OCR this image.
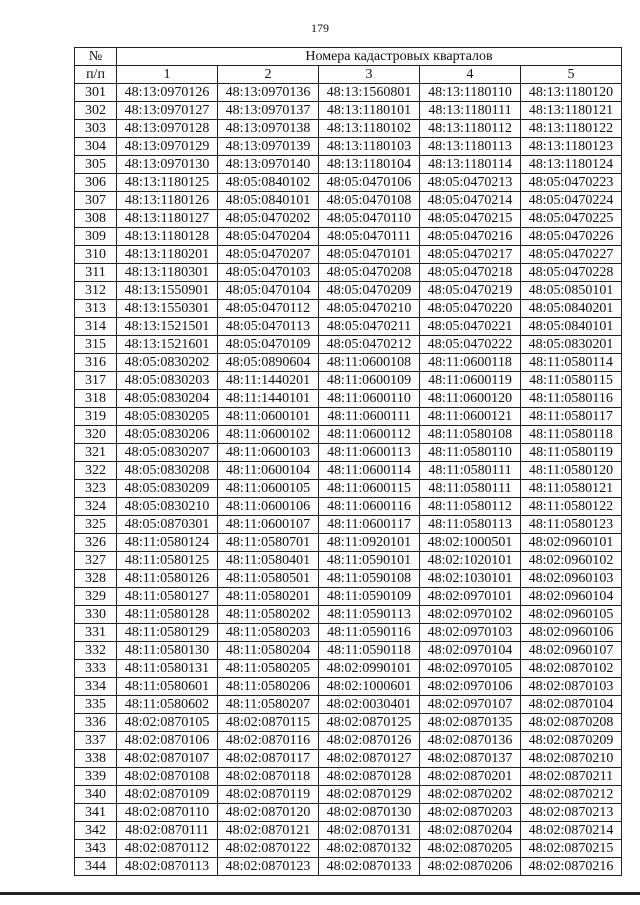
179
№	Номера кадастровых кварталов				
п/п	1	2	3	4	5
301	48:13:0970126	48:13:0970136	48:13:1560801	48:13:1180110	48:13:1180120
302	48:13:0970127	48:13:0970137	48:13:1180101	48:13:1180111	48:13:1180121
303	48:13:0970128	48:13:0970138	48:13:1180102	48:13:1180112	48:13:1180122
304	48:13:0970129	48:13:0970139	48:13:1180103	48:13:1180113	48:13:1180123
305	48:13:0970130	48:13:0970140	48:13:1180104	48:13:1180114	48:13:1180124
306	48:13:1180125	48:05:0840102	48:05:0470106	48:05:0470213	48:05:0470223
307	48:13:1180126	48:05:0840101	48:05:0470108	48:05:0470214	48:05:0470224
308	48:13:1180127	48:05:0470202	48:05:0470110	48:05:0470215	48:05:0470225
309	48:13:1180128	48:05:0470204	48:05:0470111	48:05:0470216	48:05:0470226
310	48:13:1180201	48:05:0470207	48:05:0470101	48:05:0470217	48:05:0470227
311	48:13:1180301	48:05:0470103	48:05:0470208	48:05:0470218	48:05:0470228
312	48:13:1550901	48:05:0470104	48:05:0470209	48:05:0470219	48:05:0850101
313	48:13:1550301	48:05:0470112	48:05:0470210	48:05:0470220	48:05:0840201
314	48:13:1521501	48:05:0470113	48:05:0470211	48:05:0470221	48:05:0840101
315	48:13:1521601	48:05:0470109	48:05:0470212	48:05:0470222	48:05:0830201
316	48:05:0830202	48:05:0890604	48:11:0600108	48:11:0600118	48:11:0580114
317	48:05:0830203	48:11:1440201	48:11:0600109	48:11:0600119	48:11:0580115
318	48:05:0830204	48:11:1440101	48:11:0600110	48:11:0600120	48:11:0580116
319	48:05:0830205	48:11:0600101	48:11:0600111	48:11:0600121	48:11:0580117
320	48:05:0830206	48:11:0600102	48:11:0600112	48:11:0580108	48:11:0580118
321	48:05:0830207	48:11:0600103	48:11:0600113	48:11:0580110	48:11:0580119
322	48:05:0830208	48:11:0600104	48:11:0600114	48:11:0580111	48:11:0580120
323	48:05:0830209	48:11:0600105	48:11:0600115	48:11:0580111	48:11:0580121
324	48:05:0830210	48:11:0600106	48:11:0600116	48:11:0580112	48:11:0580122
325	48:05:0870301	48:11:0600107	48:11:0600117	48:11:0580113	48:11:0580123
326	48:11:0580124	48:11:0580701	48:11:0920101	48:02:1000501	48:02:0960101
327	48:11:0580125	48:11:0580401	48:11:0590101	48:02:1020101	48:02:0960102
328	48:11:0580126	48:11:0580501	48:11:0590108	48:02:1030101	48:02:0960103
329	48:11:0580127	48:11:0580201	48:11:0590109	48:02:0970101	48:02:0960104
330	48:11:0580128	48:11:0580202	48:11:0590113	48:02:0970102	48:02:0960105
331	48:11:0580129	48:11:0580203	48:11:0590116	48:02:0970103	48:02:0960106
332	48:11:0580130	48:11:0580204	48:11:0590118	48:02:0970104	48:02:0960107
333	48:11:0580131	48:11:0580205	48:02:0990101	48:02:0970105	48:02:0870102
334	48:11:0580601	48:11:0580206	48:02:1000601	48:02:0970106	48:02:0870103
335	48:11:0580602	48:11:0580207	48:02:0030401	48:02:0970107	48:02:0870104
336	48:02:0870105	48:02:0870115	48:02:0870125	48:02:0870135	48:02:0870208
337	48:02:0870106	48:02:0870116	48:02:0870126	48:02:0870136	48:02:0870209
338	48:02:0870107	48:02:0870117	48:02:0870127	48:02:0870137	48:02:0870210
339	48:02:0870108	48:02:0870118	48:02:0870128	48:02:0870201	48:02:0870211
340	48:02:0870109	48:02:0870119	48:02:0870129	48:02:0870202	48:02:0870212
341	48:02:0870110	48:02:0870120	48:02:0870130	48:02:0870203	48:02:0870213
342	48:02:0870111	48:02:0870121	48:02:0870131	48:02:0870204	48:02:0870214
343	48:02:0870112	48:02:0870122	48:02:0870132	48:02:0870205	48:02:0870215
344	48:02:0870113	48:02:0870123	48:02:0870133	48:02:0870206	48:02:0870216
